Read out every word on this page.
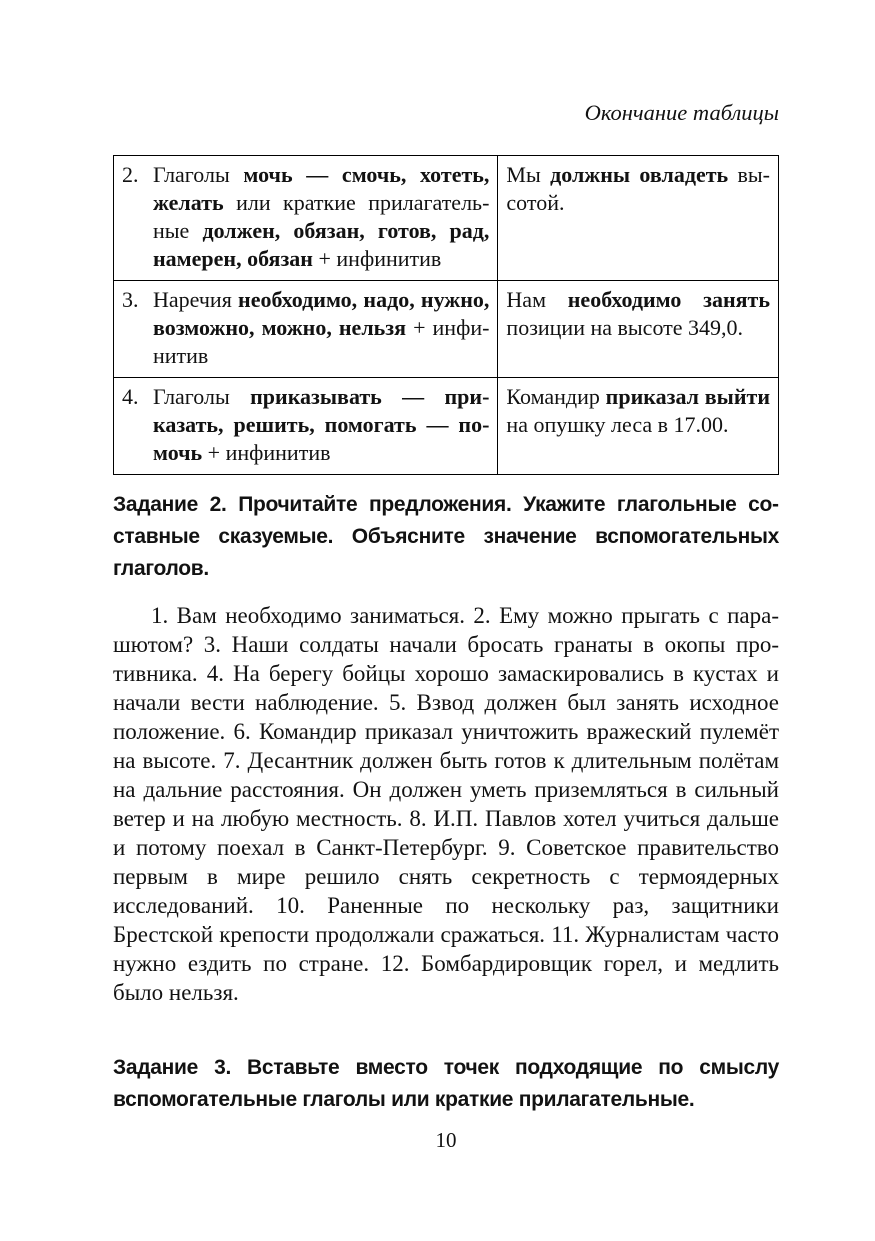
Окончание таблицы
2. Глаголы мочь — смочь, хотеть, желать или краткие прилагательные должен, обязан, готов, рад, намерен, обязан + инфинитив	Мы должны овладеть высотой.

3. Наречия необходимо, надо, нужно, возможно, можно, нельзя + инфинитив	Нам необходимо занять позиции на высоте 349,0.

4. Глаголы приказывать — приказать, решить, помогать — помочь + инфинитив	Командир приказал выйти на опушку леса в 17.00.
Задание 2. Прочитайте предложения. Укажите глагольные составные сказуемые. Объясните значение вспомогательных глаголов.

1. Вам необходимо заниматься. 2. Ему можно прыгать с парашютом? 3. Наши солдаты начали бросать гранаты в окопы противника. 4. На берегу бойцы хорошо замаскировались в кустах и начали вести наблюдение. 5. Взвод должен был занять исходное положение. 6. Командир приказал уничтожить вражеский пулемёт на высоте. 7. Десантник должен быть готов к длительным полётам на дальние расстояния. Он должен уметь приземляться в сильный ветер и на любую местность. 8. И.П. Павлов хотел учиться дальше и потому поехал в Санкт-Петербург. 9. Советское правительство первым в мире решило снять секретность с термоядерных исследований. 10. Раненные по нескольку раз, защитники Брестской крепости продолжали сражаться. 11. Журналистам часто нужно ездить по стране. 12. Бомбардировщик горел, и медлить было нельзя.

Задание 3. Вставьте вместо точек подходящие по смыслу вспомогательные глаголы или краткие прилагательные.
10
